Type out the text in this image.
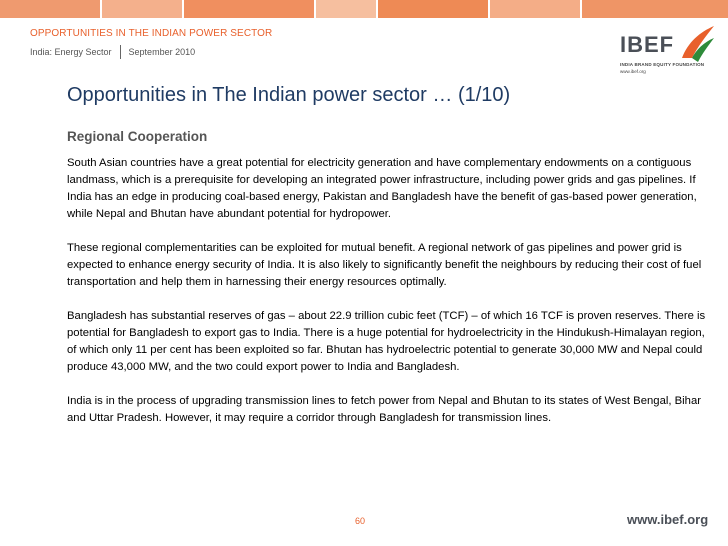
OPPORTUNITIES IN THE INDIAN POWER SECTOR
India: Energy Sector September 2010	IBEF
INDIA BRAND EQUITY FOUNDATION
www.ibef.org
Opportunities in The Indian power sector … (1/10)
Regional Cooperation

South Asian countries have a great potential for electricity generation and have complementary endowments on a contiguous landmass, which is a prerequisite for developing an integrated power infrastructure, including power grids and gas pipelines. If India has an edge in producing coal-based energy, Pakistan and Bangladesh have the benefit of gas-based power generation, while Nepal and Bhutan have abundant potential for hydropower.

These regional complementarities can be exploited for mutual benefit. A regional network of gas pipelines and power grid is expected to enhance energy security of India. It is also likely to significantly benefit the neighbours by reducing their cost of fuel transportation and help them in harnessing their energy resources optimally.

Bangladesh has substantial reserves of gas – about 22.9 trillion cubic feet (TCF) – of which 16 TCF is proven reserves. There is potential for Bangladesh to export gas to India. There is a huge potential for hydroelectricity in the Hindukush-Himalayan region, of which only 11 per cent has been exploited so far. Bhutan has hydroelectric potential to generate 30,000 MW and Nepal could produce 43,000 MW, and the two could export power to India and Bangladesh.

India is in the process of upgrading transmission lines to fetch power from Nepal and Bhutan to its states of West Bengal, Bihar and Uttar Pradesh. However, it may require a corridor through Bangladesh for transmission lines.

60	www.ibef.org
